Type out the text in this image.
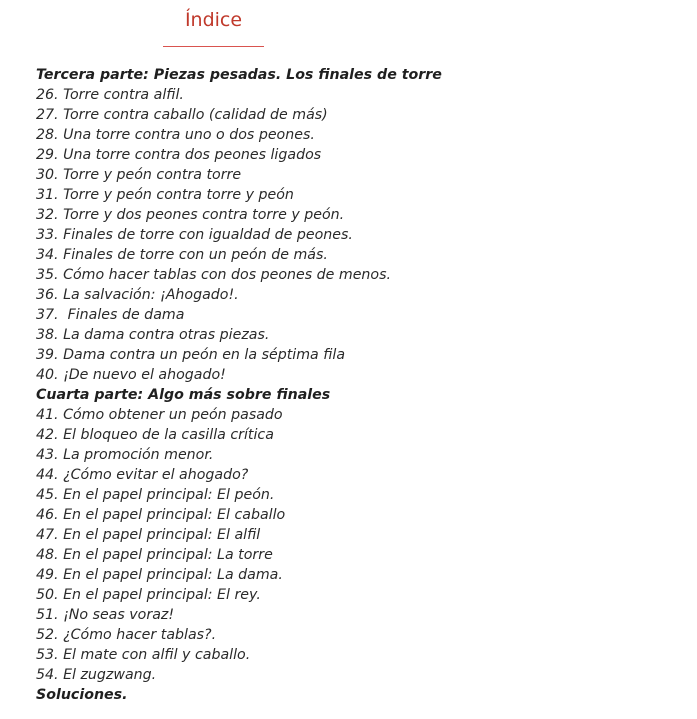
Índice
Tercera parte: Piezas pesadas. Los finales de torre
26. Torre contra alfil.
27. Torre contra caballo (calidad de más)
28. Una torre contra uno o dos peones.
29. Una torre contra dos peones ligados
30. Torre y peón contra torre
31. Torre y peón contra torre y peón
32. Torre y dos peones contra torre y peón.
33. Finales de torre con igualdad de peones.
34. Finales de torre con un peón de más.
35. Cómo hacer tablas con dos peones de menos.
36. La salvación: ¡Ahogado!.
37.  Finales de dama
38. La dama contra otras piezas.
39. Dama contra un peón en la séptima fila
40. ¡De nuevo el ahogado!
Cuarta parte: Algo más sobre finales
41. Cómo obtener un peón pasado
42. El bloqueo de la casilla crítica
43. La promoción menor.
44. ¿Cómo evitar el ahogado?
45. En el papel principal: El peón.
46. En el papel principal: El caballo
47. En el papel principal: El alfil
48. En el papel principal: La torre
49. En el papel principal: La dama.
50. En el papel principal: El rey.
51. ¡No seas voraz!
52. ¿Cómo hacer tablas?.
53. El mate con alfil y caballo.
54. El zugzwang.
Soluciones.
